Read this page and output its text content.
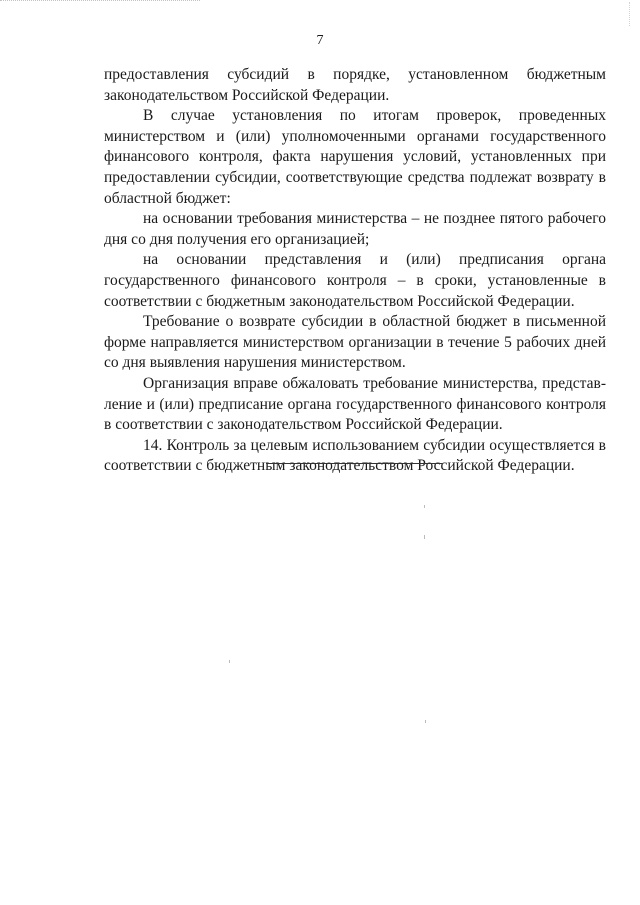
7

предоставления субсидий в порядке, установленном бюджетным законодательством Российской Федерации.

В случае установления по итогам проверок, проведенных министерством и (или) уполномоченными органами государственного финансового контроля, факта нарушения условий, установленных при предоставлении субсидии, соответствующие средства подлежат возврату в областной бюджет:

на основании требования министерства – не позднее пятого рабочего дня со дня получения его организацией;

на основании представления и (или) предписания органа государственного финансового контроля – в сроки, установленные в соответствии с бюджетным законодательством Российской Федерации.

Требование о возврате субсидии в областной бюджет в письменной форме направляется министерством организации в течение 5 рабочих дней со дня выявления нарушения министерством.

Организация вправе обжаловать требование министерства, представление и (или) предписание органа государственного финансового контроля в соответствии с законодательством Российской Федерации.

14. Контроль за целевым использованием субсидии осуществляется в соответствии с бюджетным законодательством Российской Федерации.
